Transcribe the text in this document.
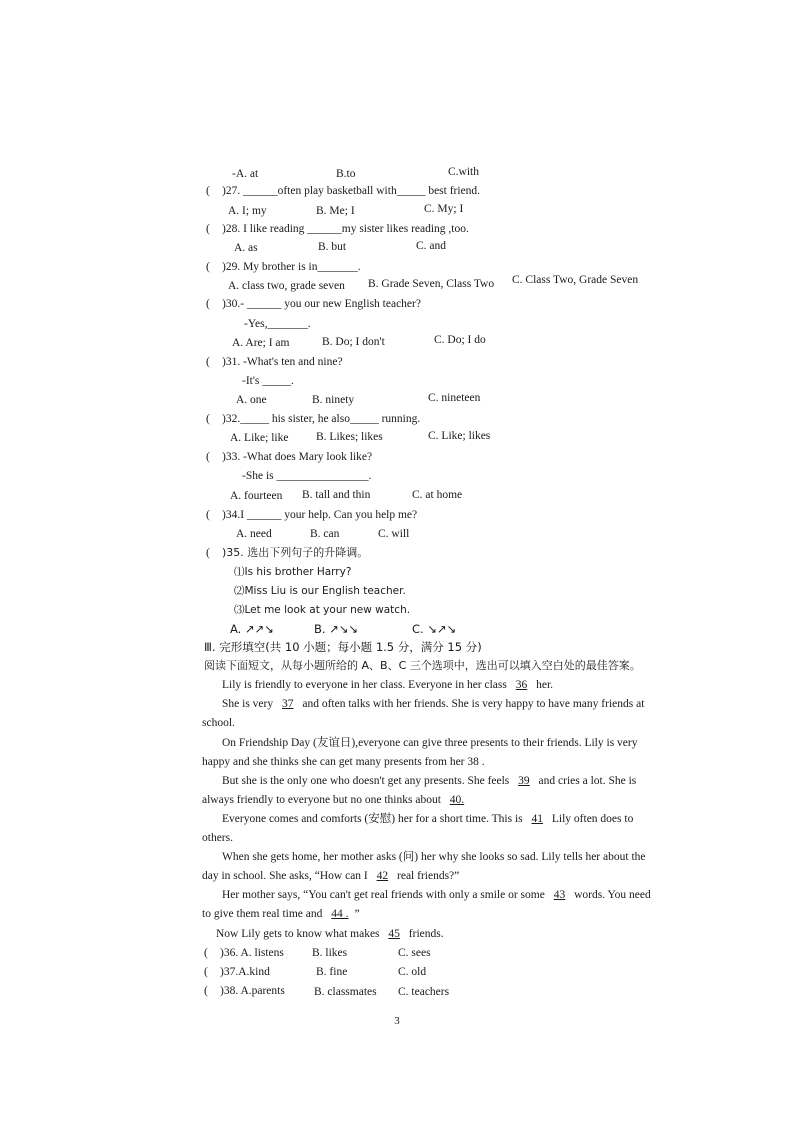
-A. at	B.to	C.with
( )27. ______often play basketball with_____ best friend.
A. I; my	B. Me; I	C. My; I
( )28. I like reading ______my sister likes reading ,too.
A. as	B. but	C. and
( )29. My brother is in_______.
A. class two, grade seven B. Grade Seven, Class Two C. Class Two, Grade Seven
( )30.- ______ you our new English teacher?
-Yes,_______.
A. Are; I am	B. Do; I don't	C. Do; I do
( )31. -What's ten and nine?
-It's _____.
A. one	B. ninety	C. nineteen
( )32._____ his sister, he also_____ running.
A. Like; like B. Likes; likes	C. Like; likes
( )33. -What does Mary look like?
-She is ________________.
A. fourteen B. tall and thin	C. at home
( )34.I ______ your help. Can you help me?
A. need	B. can	C. will
( )35. 选出下列句子的升降调。
⑴Is his brother Harry?
⑵Miss Liu is our English teacher.
⑶Let me look at your new watch.
A. ↗↗↘	B. ↗↘↘	C. ↘↗↘
Ⅲ. 完形填空(共 10 小题；每小题 1.5 分，满分 15 分)
阅读下面短文，从每小题所给的 A、B、C 三个选项中，选出可以填入空白处的最佳答案。
Lily is friendly to everyone in her class. Everyone in her class 36 her.
She is very 37 and often talks with her friends. She is very happy to have many friends at
school.
On Friendship Day (友谊日),everyone can give three presents to their friends. Lily is very
happy and she thinks she can get many presents from her 38 .
But she is the only one who doesn't get any presents. She feels 39 and cries a lot. She is
always friendly to everyone but no one thinks about 40.
Everyone comes and comforts (安慰) her for a short time. This is 41 Lily often does to
others.
When she gets home, her mother asks (问) her why she looks so sad. Lily tells her about the
day in school. She asks, “How can I 42 real friends?”
Her mother says, “You can't get real friends with only a smile or some 43 words. You need
to give them real time and 44 . ”
Now Lily gets to know what makes 45 friends.
( )36. A. listens B. likes	C. sees
( )37.A.kind	B. fine	C. old
( )38. A.parents	B. classmates C. teachers
3
